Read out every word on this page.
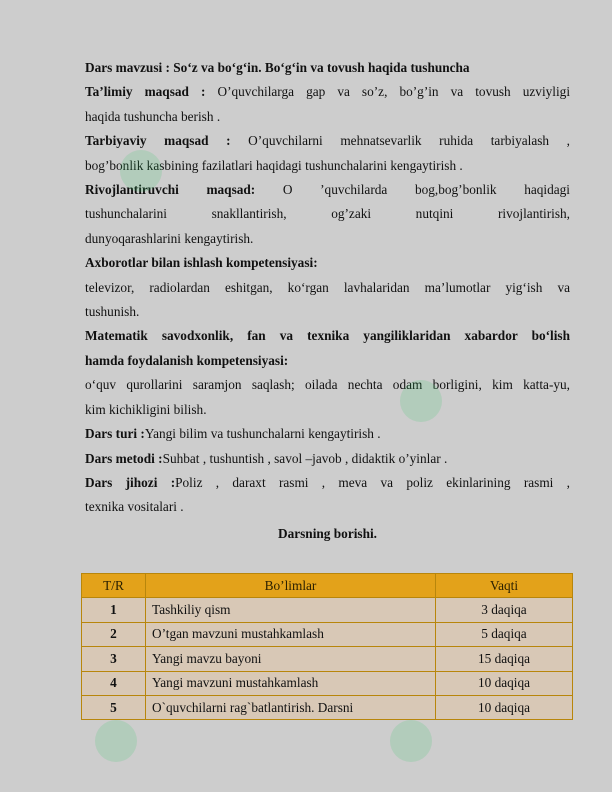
Dars mavzusi : So‘z va bo‘g‘in. Bo‘g‘in va tovush haqida tushuncha

Ta’limiy maqsad : O’quvchilarga gap va so’z, bo’g’in va tovush uzviyligi

haqida tushuncha berish .

Tarbiyaviy maqsad : O’quvchilarni mehnatsevarlik ruhida tarbiyalash ,

bog’bonlik kasbining fazilatlari haqidagi tushunchalarini kengaytirish .

Rivojlantiruvchi maqsad: O ’quvchilarda bog,bog’bonlik haqidagi

tushunchalarini snakllantirish, og’zaki nutqini rivojlantirish,

dunyoqarashlarini kengaytirish.

Axborotlar bilan ishlash kompetensiyasi:

televizor, radiolardan eshitgan, ko‘rgan lavhalaridan ma’lumotlar yig‘ish va

tushunish.

Matematik savodxonlik, fan va texnika yangiliklaridan xabardor bo‘lish

hamda foydalanish kompetensiyasi:

o‘quv qurollarini saramjon saqlash; oilada nechta odam borligini, kim katta-yu,

kim kichikligini bilish.

Dars turi :Yangi bilim va tushunchalarni kengaytirish .

Dars metodi :Suhbat , tushuntish , savol –javob , didaktik o’yinlar .

Dars jihozi :Poliz , daraxt rasmi , meva va poliz ekinlarining rasmi ,

texnika vositalari .

Darsning borishi.

T/R	Bo’limlar	Vaqti
1	Tashkiliy qism	3 daqiqa
2	O’tgan mavzuni mustahkamlash	5 daqiqa
3	Yangi mavzu bayoni	15 daqiqa
4	Yangi mavzuni mustahkamlash	10 daqiqa
5	O`quvchilarni rag`batlantirish. Darsni	10 daqiqa
